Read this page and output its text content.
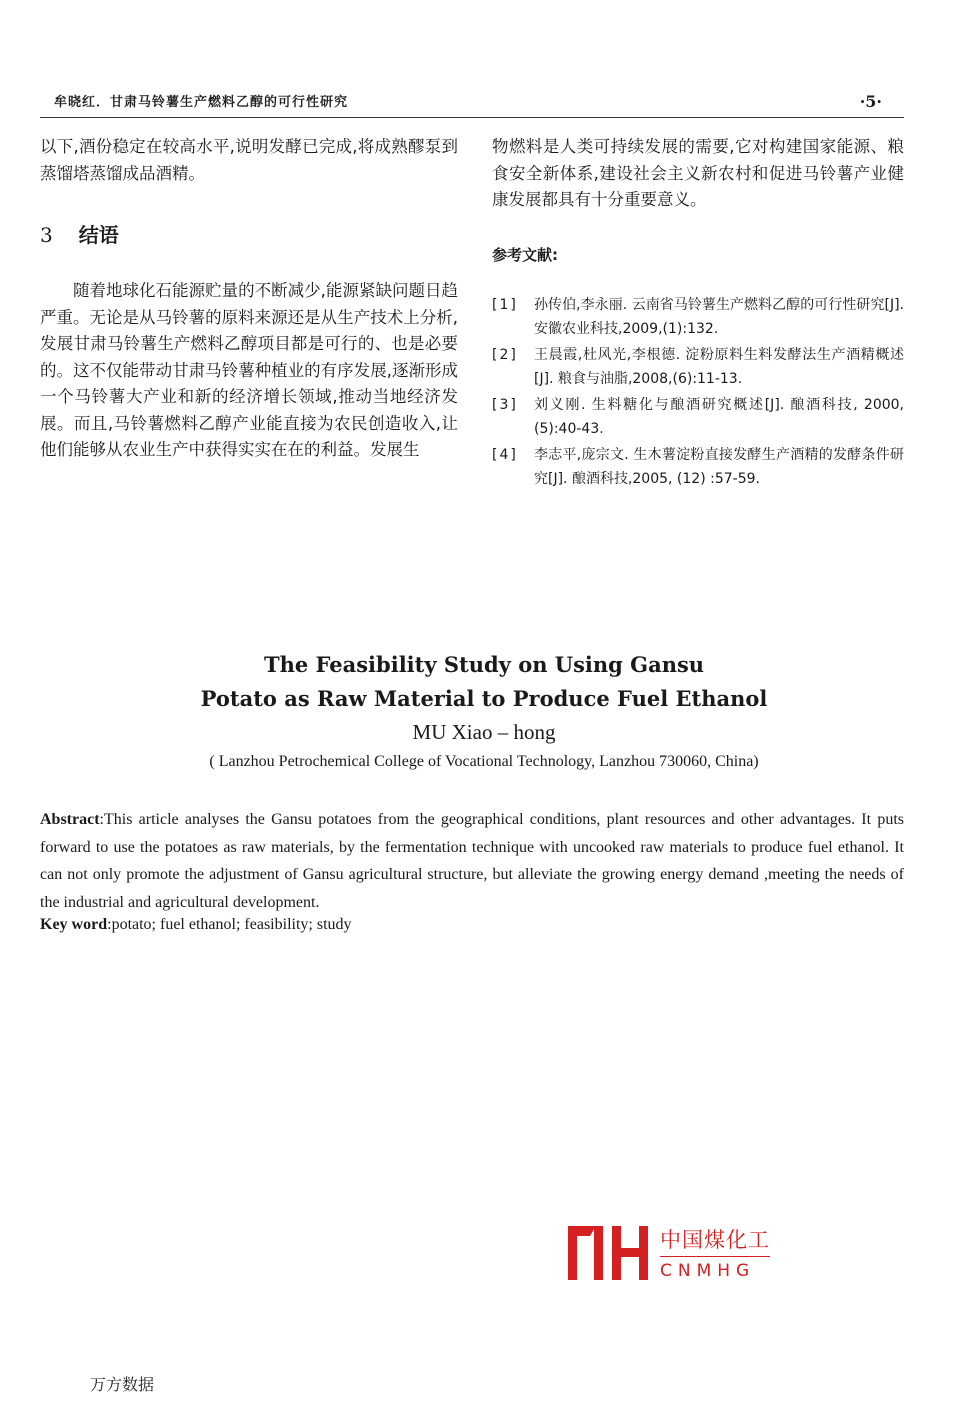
牟晓红．甘肃马铃薯生产燃料乙醇的可行性研究	·5·

以下,酒份稳定在较高水平,说明发酵已完成,将成熟醪泵到蒸馏塔蒸馏成品酒精。

3 结语

随着地球化石能源贮量的不断减少,能源紧缺问题日趋严重。无论是从马铃薯的原料来源还是从生产技术上分析,发展甘肃马铃薯生产燃料乙醇项目都是可行的、也是必要的。这不仅能带动甘肃马铃薯种植业的有序发展,逐渐形成一个马铃薯大产业和新的经济增长领域,推动当地经济发展。而且,马铃薯燃料乙醇产业能直接为农民创造收入,让他们能够从农业生产中获得实实在在的利益。发展生

物燃料是人类可持续发展的需要,它对构建国家能源、粮食安全新体系,建设社会主义新农村和促进马铃薯产业健康发展都具有十分重要意义。

参考文献:
[1]	孙传伯,李永丽. 云南省马铃薯生产燃料乙醇的可行性研究[J]. 安徽农业科技,2009,(1):132.
[2]	王晨霞,杜风光,李根德. 淀粉原料生料发酵法生产酒精概述[J]. 粮食与油脂,2008,(6):11-13.
[3]	刘义刚. 生料糖化与酿酒研究概述[J]. 酿酒科技, 2000, (5):40-43.
[4]	李志平,庞宗文. 生木薯淀粉直接发酵生产酒精的发酵条件研究[J]. 酿酒科技,2005, (12) :57-59.
The Feasibility Study on Using Gansu
Potato as Raw Material to Produce Fuel Ethanol
MU Xiao – hong
( Lanzhou Petrochemical College of Vocational Technology, Lanzhou 730060, China)

Abstract:This article analyses the Gansu potatoes from the geographical conditions, plant resources and other advantages. It puts forward to use the potatoes as raw materials, by the fermentation technique with uncooked raw materials to produce fuel ethanol. It can not only promote the adjustment of Gansu agricultural structure, but alleviate the growing energy demand ,meeting the needs of the industrial and agricultural development.

Key word:potato; fuel ethanol; feasibility; study
中国煤化工
CNMHG
万方数据
